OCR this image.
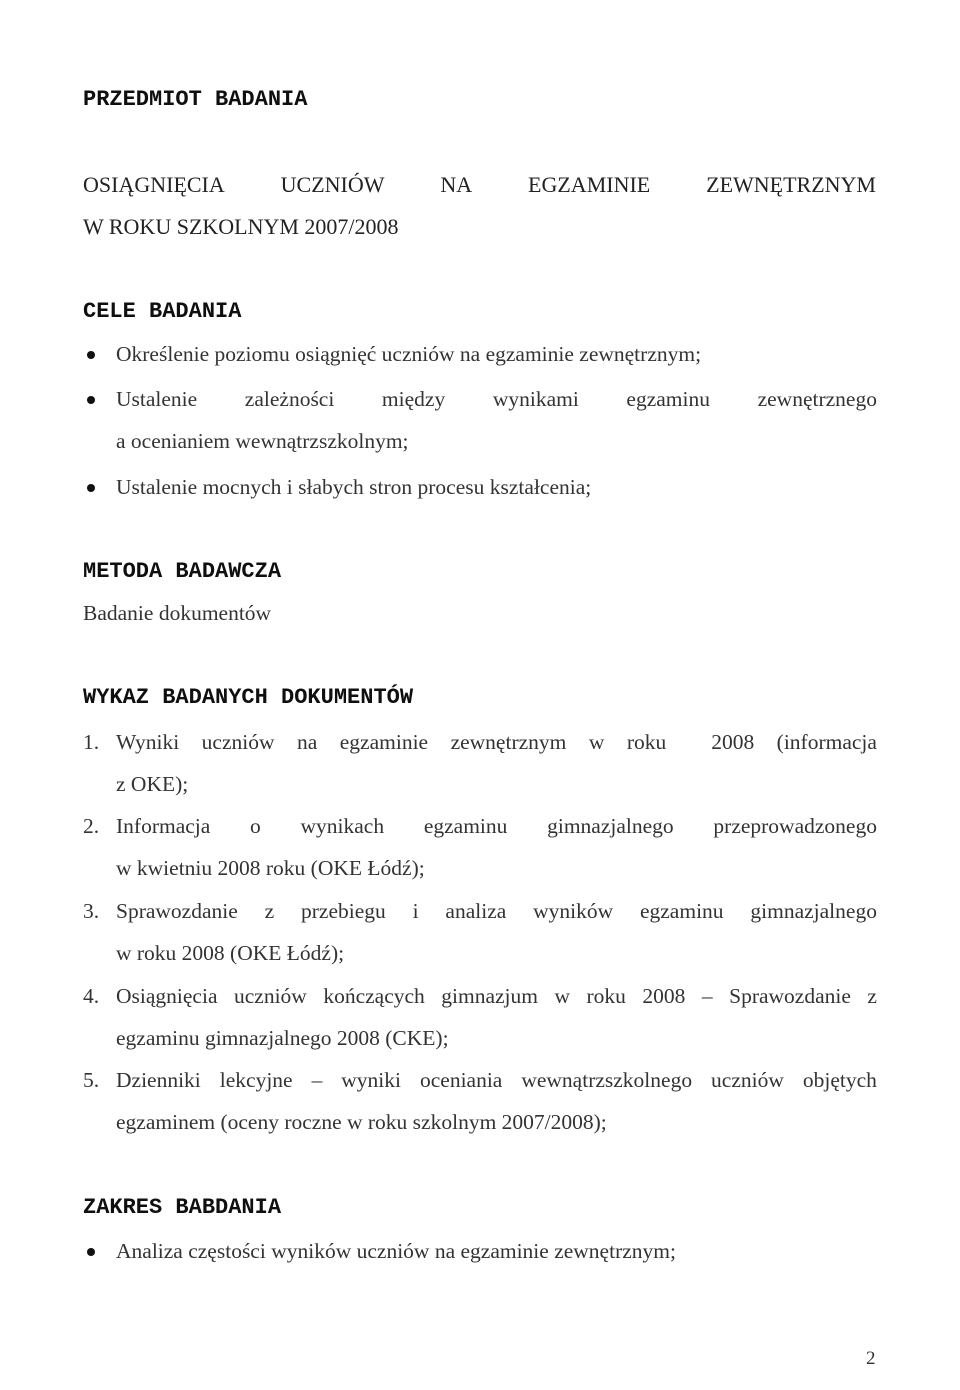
PRZEDMIOT BADANIA
OSIĄGNIĘCIA	UCZNIÓW	NA	EGZAMINIE	ZEWNĘTRZNYM
W ROKU SZKOLNYM 2007/2008
CELE BADANIA
Określenie poziomu osiągnięć uczniów na egzaminie zewnętrznym;
Ustalenie zależności między wynikami egzaminu zewnętrznego
a ocenianiem wewnątrzszkolnym;
Ustalenie mocnych i słabych stron procesu kształcenia;
METODA BADAWCZA
Badanie dokumentów
WYKAZ BADANYCH DOKUMENTÓW
1. Wyniki uczniów na egzaminie zewnętrznym w roku 2008 (informacja
z OKE);
2. Informacja o wynikach egzaminu gimnazjalnego przeprowadzonego
w kwietniu 2008 roku (OKE Łódź);
3. Sprawozdanie z przebiegu i analiza wyników egzaminu gimnazjalnego
w roku 2008 (OKE Łódź);
4. Osiągnięcia uczniów kończących gimnazjum w roku 2008 – Sprawozdanie z
egzaminu gimnazjalnego 2008 (CKE);
5. Dzienniki lekcyjne – wyniki oceniania wewnątrzszkolnego uczniów objętych
egzaminem (oceny roczne w roku szkolnym 2007/2008);
ZAKRES BABDANIA
Analiza częstości wyników uczniów na egzaminie zewnętrznym;
2
